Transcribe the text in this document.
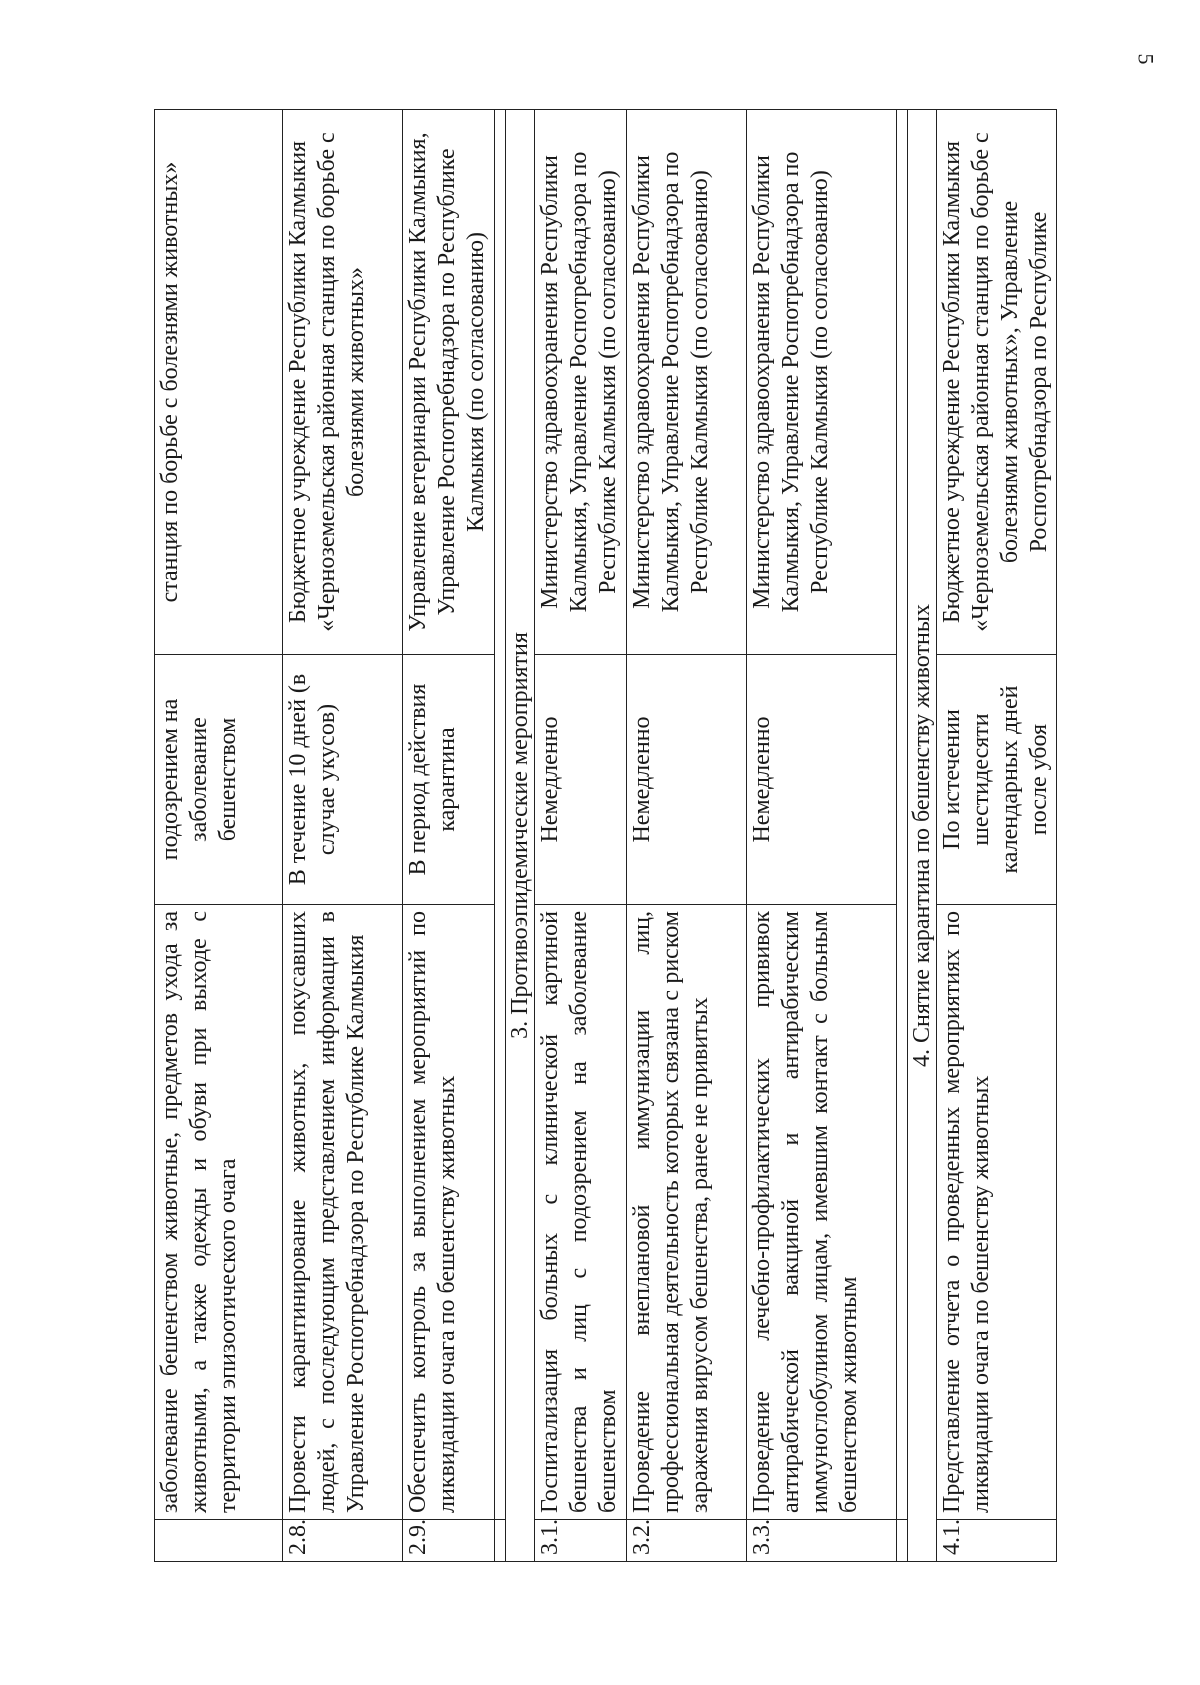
5
	заболевание бешенством животные, предметов ухода за животными, а также одежды и обуви при выходе с территории эпизоотического очага	подозрением на заболевание бешенством	станция по борьбе с болезнями животных»
2.8.	Провести карантинирование животных, покусавших людей, с последующим представлением информации в Управление Роспотребнадзора по Республике Калмыкия	В течение 10 дней (в случае укусов)	Бюджетное учреждение Республики Калмыкия «Черноземельская районная станция по борьбе с болезнями животных»
2.9.	Обеспечить контроль за выполнением мероприятий по ликвидации очага по бешенству животных	В период действия карантина	Управление ветеринарии Республики Калмыкия, Управление Роспотребнадзора по Республике Калмыкия (по согласованию)

3. Противоэпидемические мероприятия			
3.1.	Госпитализация больных с клинической картиной бешенства и лиц с подозрением на заболевание бешенством	Немедленно	Министерство здравоохранения Республики Калмыкия, Управление Роспотребнадзора по Республике Калмыкия (по согласованию)
3.2.	Проведение внеплановой иммунизации лиц, профессиональная деятельность которых связана с риском заражения вирусом бешенства, ранее не привитых	Немедленно	Министерство здравоохранения Республики Калмыкия, Управление Роспотребнадзора по Республике Калмыкия (по согласованию)
3.3.	Проведение лечебно-профилактических прививок антирабической вакциной и антирабическим иммуноглобулином лицам, имевшим контакт с больным бешенством животным	Немедленно	Министерство здравоохранения Республики Калмыкия, Управление Роспотребнадзора по Республике Калмыкия (по согласованию)

4. Снятие карантина по бешенству животных			
4.1.	Представление отчета о проведенных мероприятиях по ликвидации очага по бешенству животных	По истечении шестидесяти календарных дней после убоя	Бюджетное учреждение Республики Калмыкия «Черноземельская районная станция по борьбе с болезнями животных», Управление Роспотребнадзора по Республике
